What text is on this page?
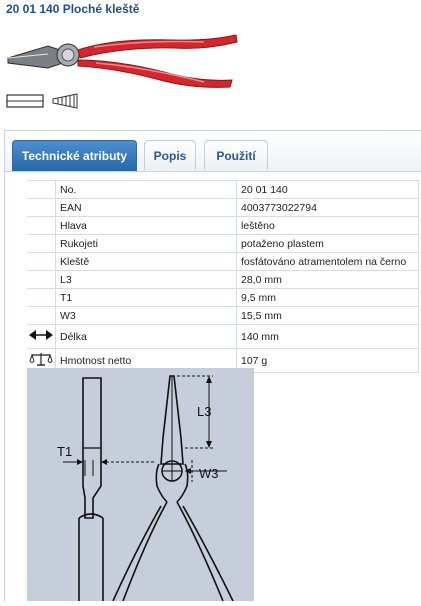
20 01 140 Ploché kleště
Technické atributy	Popis	Použití
	No.	20 01 140
	EAN	4003773022794
	Hlava	leštěno
	Rukojeti	potaženo plastem
	Kleště	fosfátováno atramentolem na černo
	L3	28,0 mm
	T1	9,5 mm
	W3	15,5 mm
	Délka	140 mm
	Hmotnost netto	107 g
T1
L3
W3
